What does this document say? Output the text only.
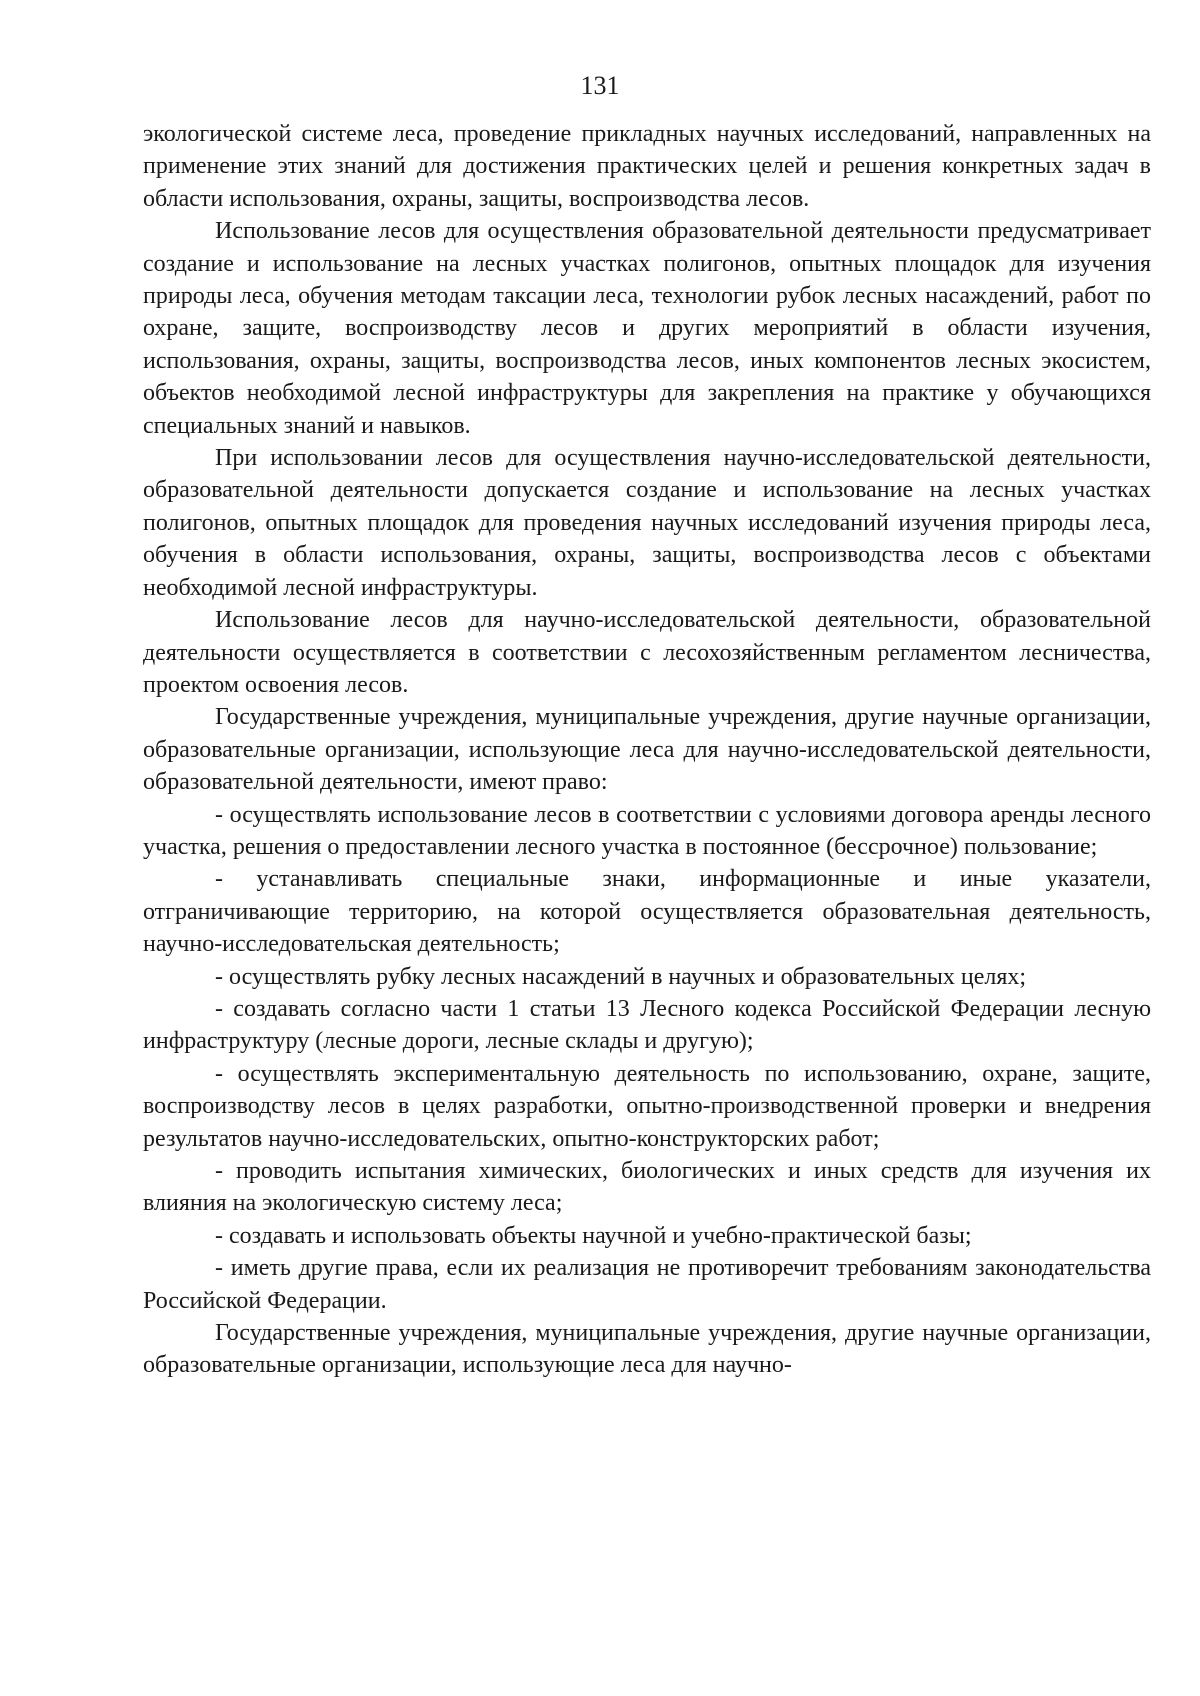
131

экологической системе леса, проведение прикладных научных исследований, направленных на применение этих знаний для достижения практических целей и решения конкретных задач в области использования, охраны, защиты, воспроизводства лесов.

Использование лесов для осуществления образовательной деятельности предусматривает создание и использование на лесных участках полигонов, опытных площадок для изучения природы леса, обучения методам таксации леса, технологии рубок лесных насаждений, работ по охране, защите, воспроизводству лесов и других мероприятий в области изучения, использования, охраны, защиты, воспроизводства лесов, иных компонентов лесных экосистем, объектов необходимой лесной инфраструктуры для закрепления на практике у обучающихся специальных знаний и навыков.

При использовании лесов для осуществления научно-исследовательской деятельности, образовательной деятельности допускается создание и использование на лесных участках полигонов, опытных площадок для проведения научных исследований изучения природы леса, обучения в области использования, охраны, защиты, воспроизводства лесов с объектами необходимой лесной инфраструктуры.

Использование лесов для научно-исследовательской деятельности, образовательной деятельности осуществляется в соответствии с лесохозяйственным регламентом лесничества, проектом освоения лесов.

Государственные учреждения, муниципальные учреждения, другие научные организации, образовательные организации, использующие леса для научно-исследовательской деятельности, образовательной деятельности, имеют право:

- осуществлять использование лесов в соответствии с условиями договора аренды лесного участка, решения о предоставлении лесного участка в постоянное (бессрочное) пользование;

- устанавливать специальные знаки, информационные и иные указатели, отграничивающие территорию, на которой осуществляется образовательная деятельность, научно-исследовательская деятельность;

- осуществлять рубку лесных насаждений в научных и образовательных целях;

- создавать согласно части 1 статьи 13 Лесного кодекса Российской Федерации лесную инфраструктуру (лесные дороги, лесные склады и другую);

- осуществлять экспериментальную деятельность по использованию, охране, защите, воспроизводству лесов в целях разработки, опытно-производственной проверки и внедрения результатов научно-исследовательских, опытно-конструкторских работ;

- проводить испытания химических, биологических и иных средств для изучения их влияния на экологическую систему леса;

- создавать и использовать объекты научной и учебно-практической базы;

- иметь другие права, если их реализация не противоречит требованиям законодательства Российской Федерации.

Государственные учреждения, муниципальные учреждения, другие научные организации, образовательные организации, использующие леса для научно-
